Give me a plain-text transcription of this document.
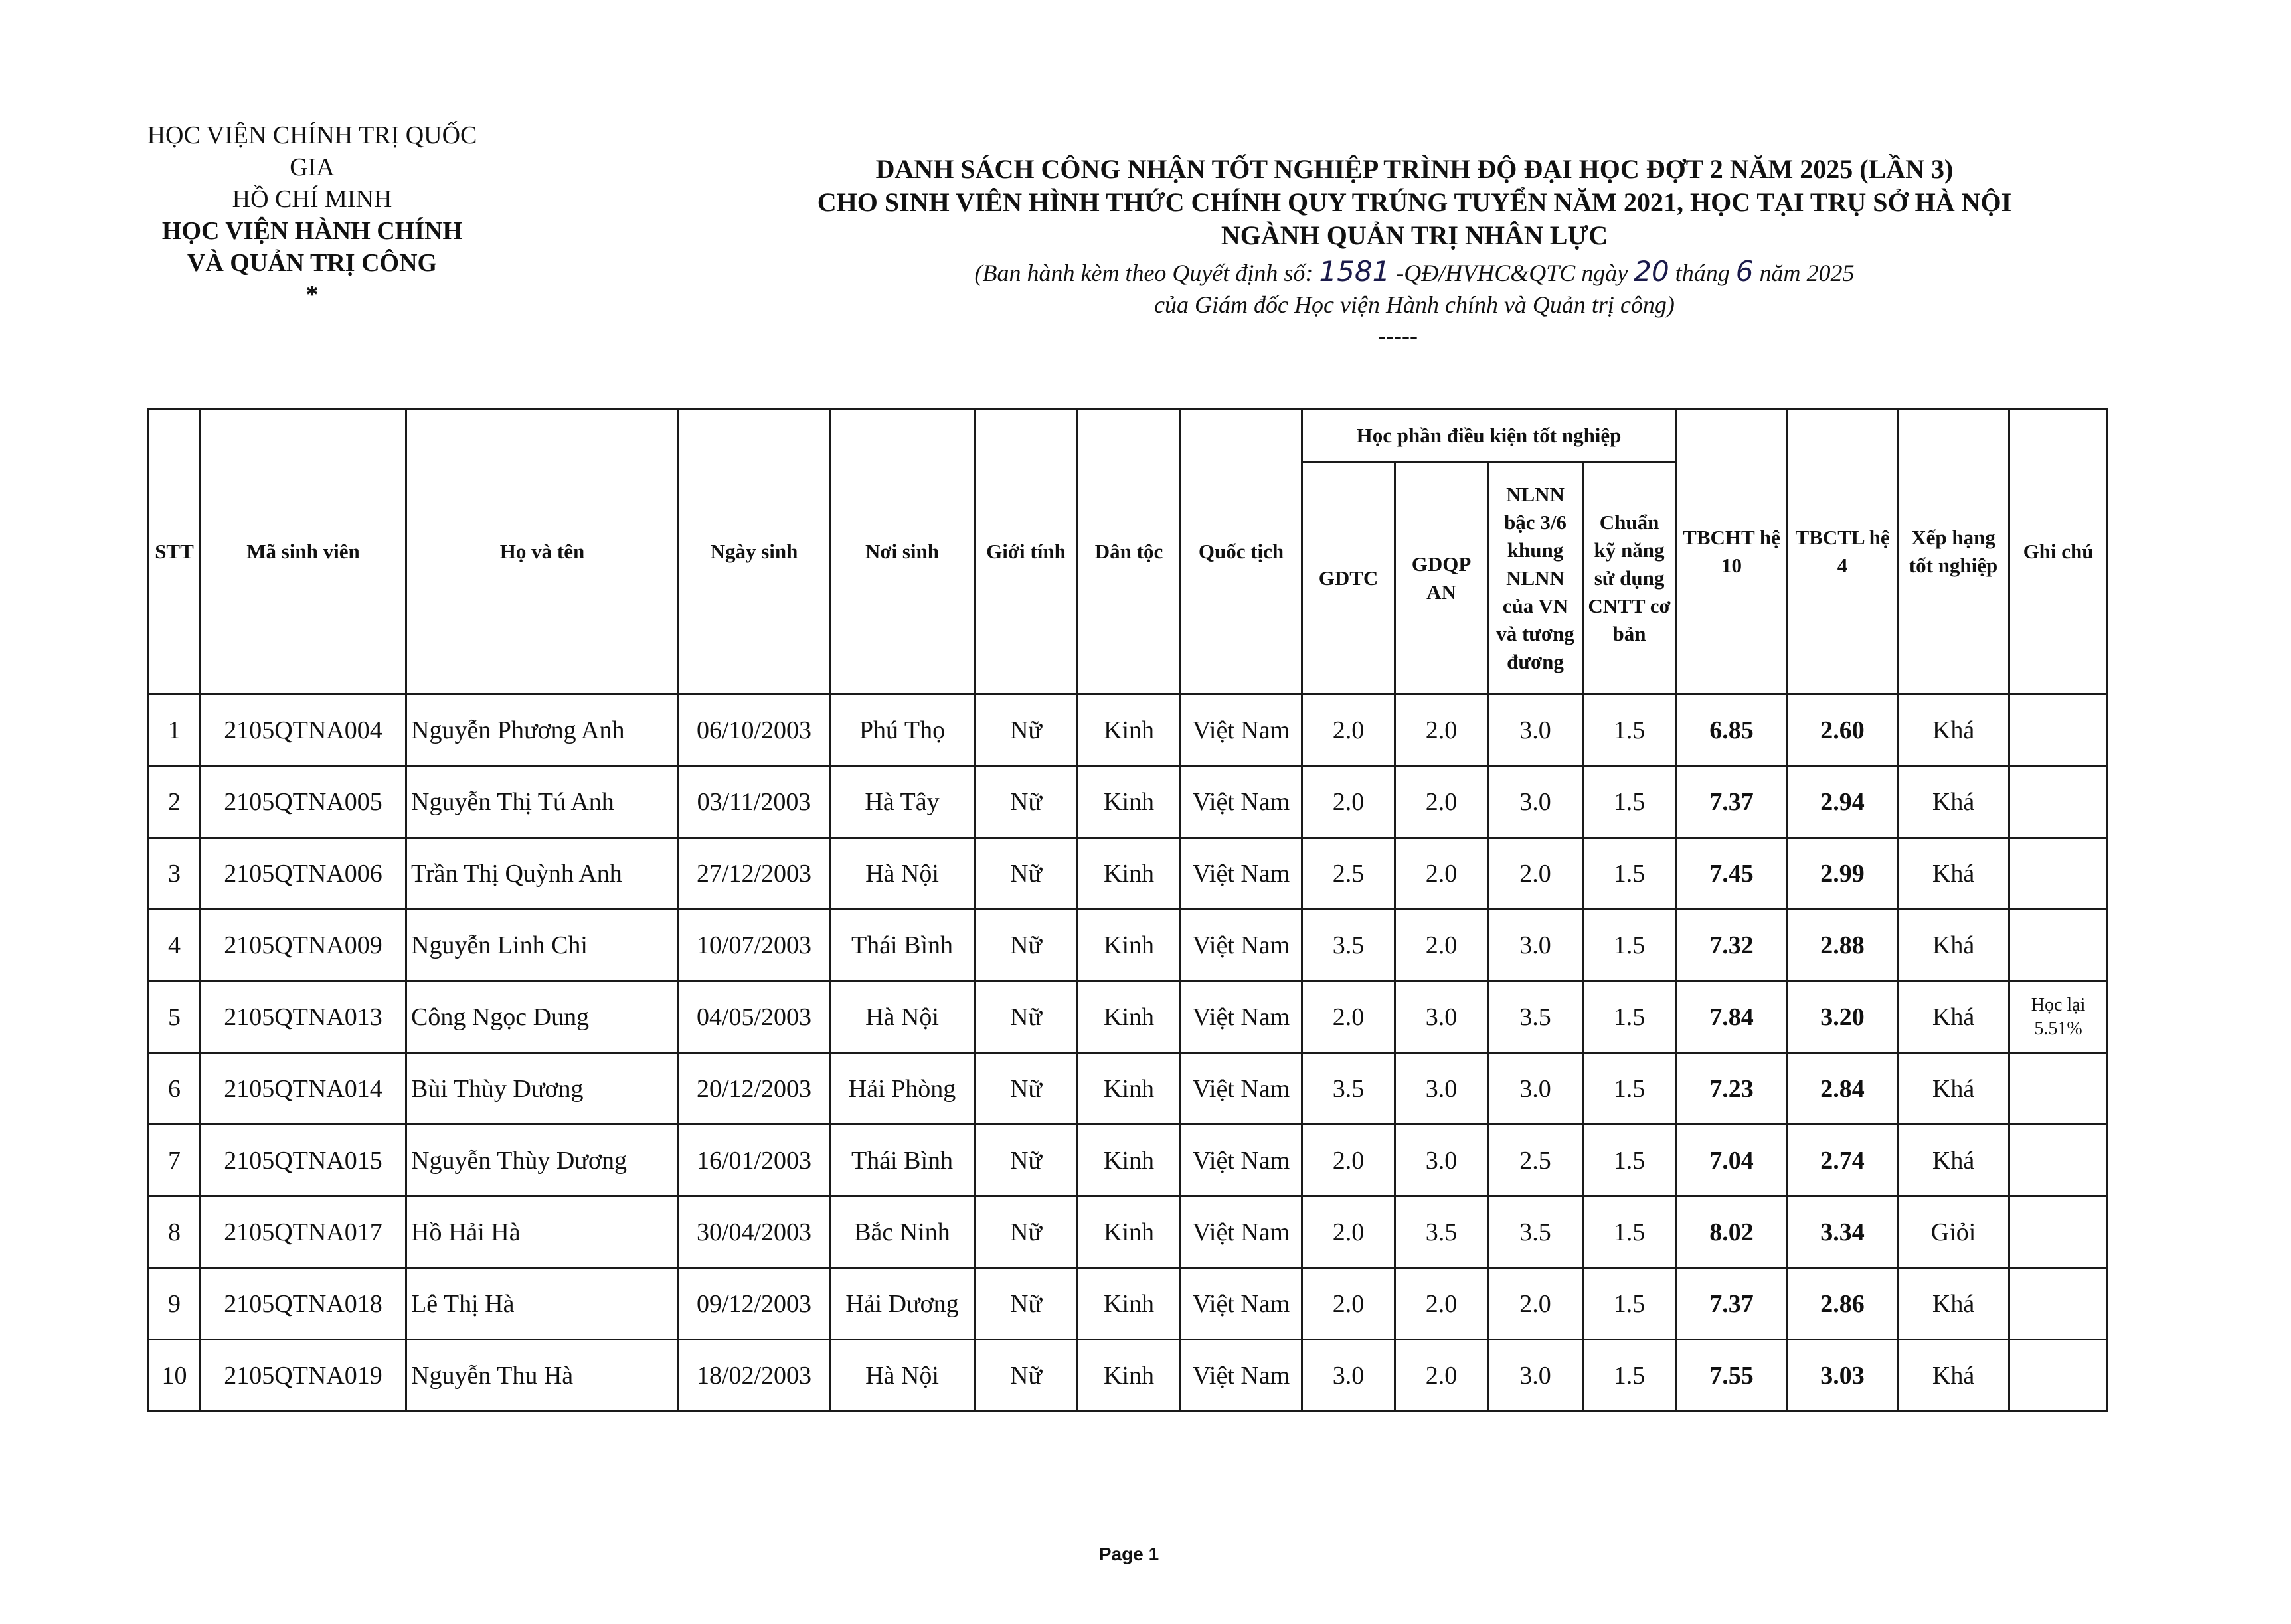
HỌC VIỆN CHÍNH TRỊ QUỐC GIA
HỒ CHÍ MINH
HỌC VIỆN HÀNH CHÍNH
VÀ QUẢN TRỊ CÔNG
*
DANH SÁCH CÔNG NHẬN TỐT NGHIỆP TRÌNH ĐỘ ĐẠI HỌC ĐỢT 2 NĂM 2025 (LẦN 3)
CHO SINH VIÊN HÌNH THỨC CHÍNH QUY TRÚNG TUYỂN NĂM 2021, HỌC TẠI TRỤ SỞ HÀ NỘI
NGÀNH QUẢN TRỊ NHÂN LỰC
(Ban hành kèm theo Quyết định số: 1581 -QĐ/HVHC&QTC ngày 20 tháng 6 năm 2025
của Giám đốc Học viện Hành chính và Quản trị công)
-----
STT	Mã sinh viên	Họ và tên	Ngày sinh	Nơi sinh	Giới tính	Dân tộc	Quốc tịch	Học phần điều kiện tốt nghiệp				TBCHT hệ 10	TBCTL hệ 4	Xếp hạng tốt nghiệp	Ghi chú
								GDTC	GDQP AN	NLNN bậc 3/6 khung NLNN của VN và tương đương	Chuẩn kỹ năng sử dụng CNTT cơ bản				
1	2105QTNA004	Nguyễn Phương Anh	06/10/2003	Phú Thọ	Nữ	Kinh	Việt Nam	2.0	2.0	3.0	1.5	6.85	2.60	Khá	
2	2105QTNA005	Nguyễn Thị Tú Anh	03/11/2003	Hà Tây	Nữ	Kinh	Việt Nam	2.0	2.0	3.0	1.5	7.37	2.94	Khá	
3	2105QTNA006	Trần Thị Quỳnh Anh	27/12/2003	Hà Nội	Nữ	Kinh	Việt Nam	2.5	2.0	2.0	1.5	7.45	2.99	Khá	
4	2105QTNA009	Nguyễn Linh Chi	10/07/2003	Thái Bình	Nữ	Kinh	Việt Nam	3.5	2.0	3.0	1.5	7.32	2.88	Khá	
5	2105QTNA013	Công Ngọc Dung	04/05/2003	Hà Nội	Nữ	Kinh	Việt Nam	2.0	3.0	3.5	1.5	7.84	3.20	Khá	Học lại 5.51%
6	2105QTNA014	Bùi Thùy Dương	20/12/2003	Hải Phòng	Nữ	Kinh	Việt Nam	3.5	3.0	3.0	1.5	7.23	2.84	Khá	
7	2105QTNA015	Nguyễn Thùy Dương	16/01/2003	Thái Bình	Nữ	Kinh	Việt Nam	2.0	3.0	2.5	1.5	7.04	2.74	Khá	
8	2105QTNA017	Hồ Hải Hà	30/04/2003	Bắc Ninh	Nữ	Kinh	Việt Nam	2.0	3.5	3.5	1.5	8.02	3.34	Giỏi	
9	2105QTNA018	Lê Thị Hà	09/12/2003	Hải Dương	Nữ	Kinh	Việt Nam	2.0	2.0	2.0	1.5	7.37	2.86	Khá	
10	2105QTNA019	Nguyễn Thu Hà	18/02/2003	Hà Nội	Nữ	Kinh	Việt Nam	3.0	2.0	3.0	1.5	7.55	3.03	Khá	
Page 1
